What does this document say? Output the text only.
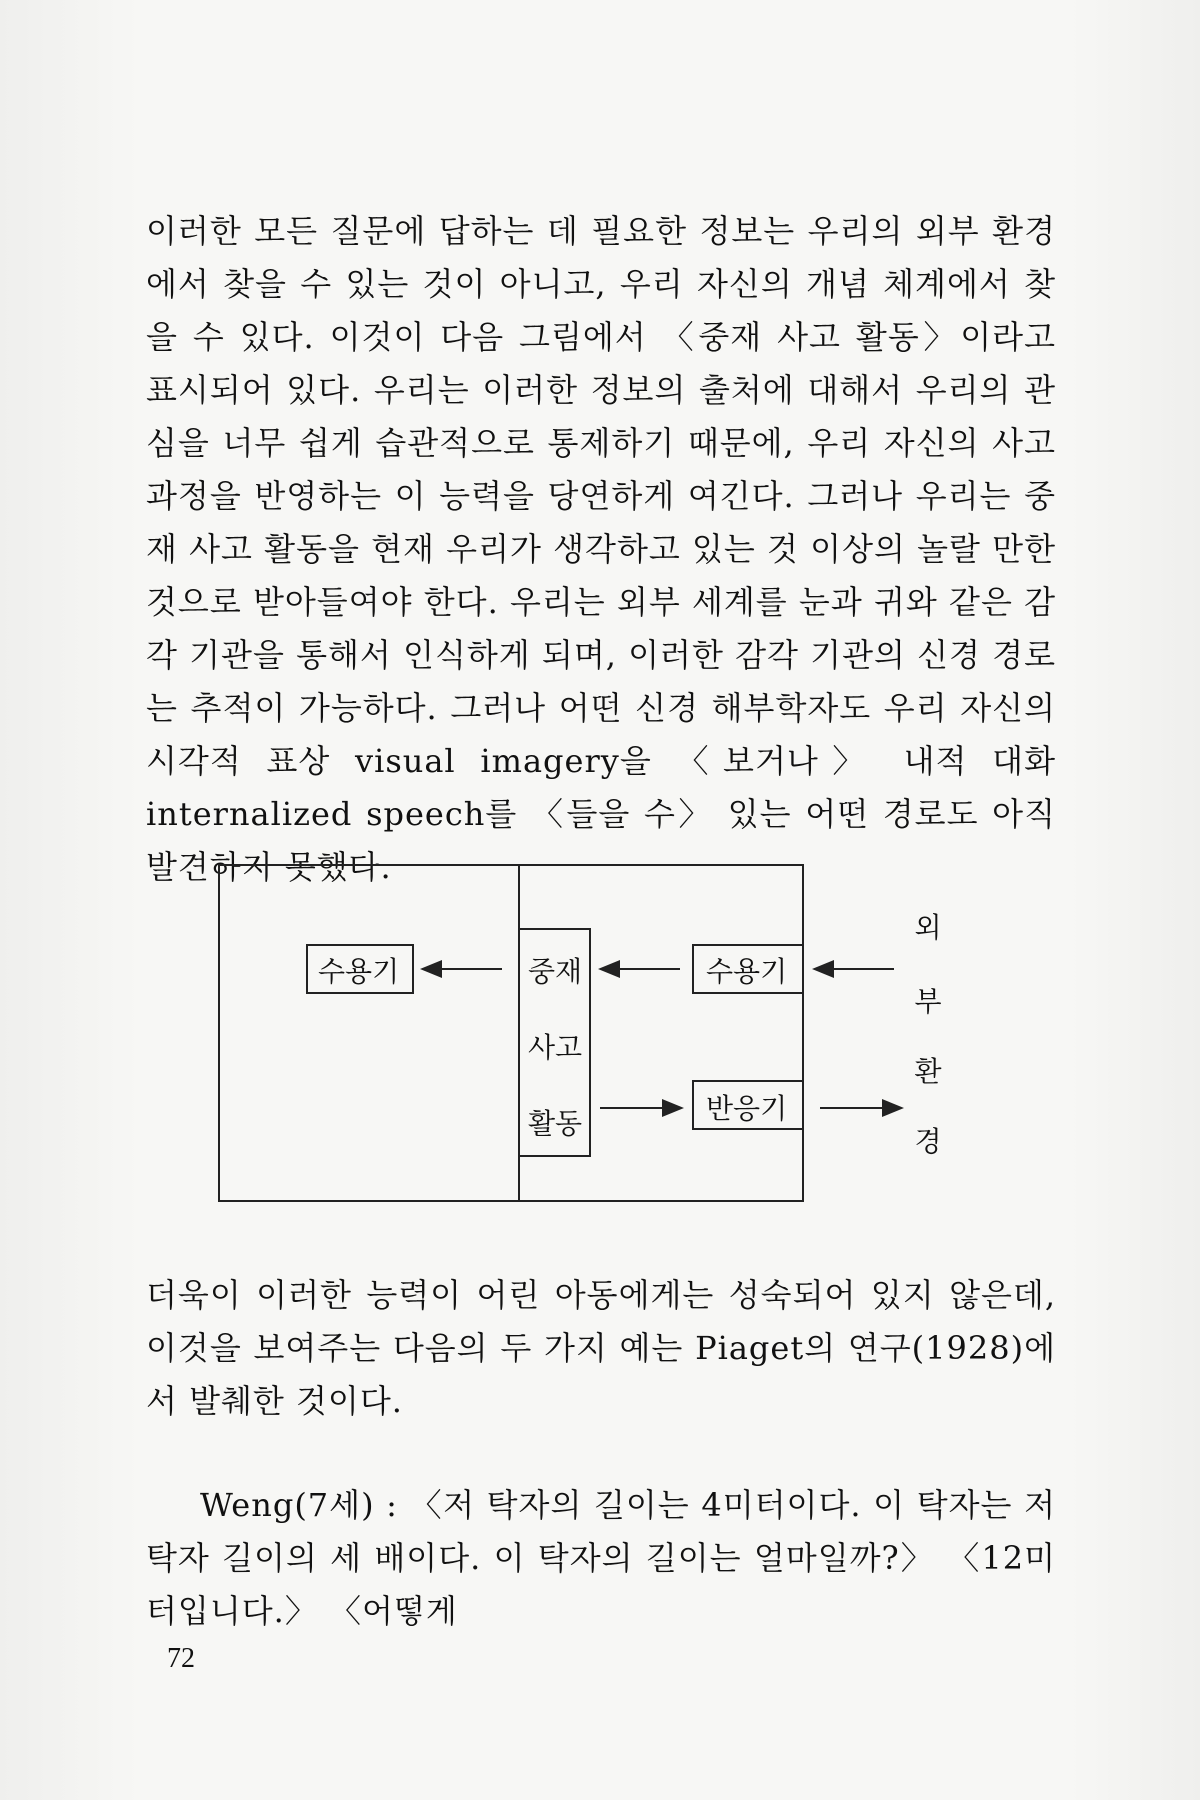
이러한 모든 질문에 답하는 데 필요한 정보는 우리의 외부 환경에서 찾을 수 있는 것이 아니고, 우리 자신의 개념 체계에서 찾을 수 있다. 이것이 다음 그림에서 〈중재 사고 활동〉이라고 표시되어 있다. 우리는 이러한 정보의 출처에 대해서 우리의 관심을 너무 쉽게 습관적으로 통제하기 때문에, 우리 자신의 사고 과정을 반영하는 이 능력을 당연하게 여긴다. 그러나 우리는 중재 사고 활동을 현재 우리가 생각하고 있는 것 이상의 놀랄 만한 것으로 받아들여야 한다. 우리는 외부 세계를 눈과 귀와 같은 감각 기관을 통해서 인식하게 되며, 이러한 감각 기관의 신경 경로는 추적이 가능하다. 그러나 어떤 신경 해부학자도 우리 자신의 시각적 표상 visual imagery을 〈보거나〉 내적 대화 internalized speech를 〈들을 수〉 있는 어떤 경로도 아직 발견하지 못했다.

수용기	중재
사고
활동
수용기
반응기
외
부
환
경

더욱이 이러한 능력이 어린 아동에게는 성숙되어 있지 않은데, 이것을 보여주는 다음의 두 가지 예는 Piaget의 연구(1928)에서 발췌한 것이다.

Weng(7세) : 〈저 탁자의 길이는 4미터이다. 이 탁자는 저 탁자 길이의 세 배이다. 이 탁자의 길이는 얼마일까?〉 〈12미터입니다.〉 〈어떻게

72
